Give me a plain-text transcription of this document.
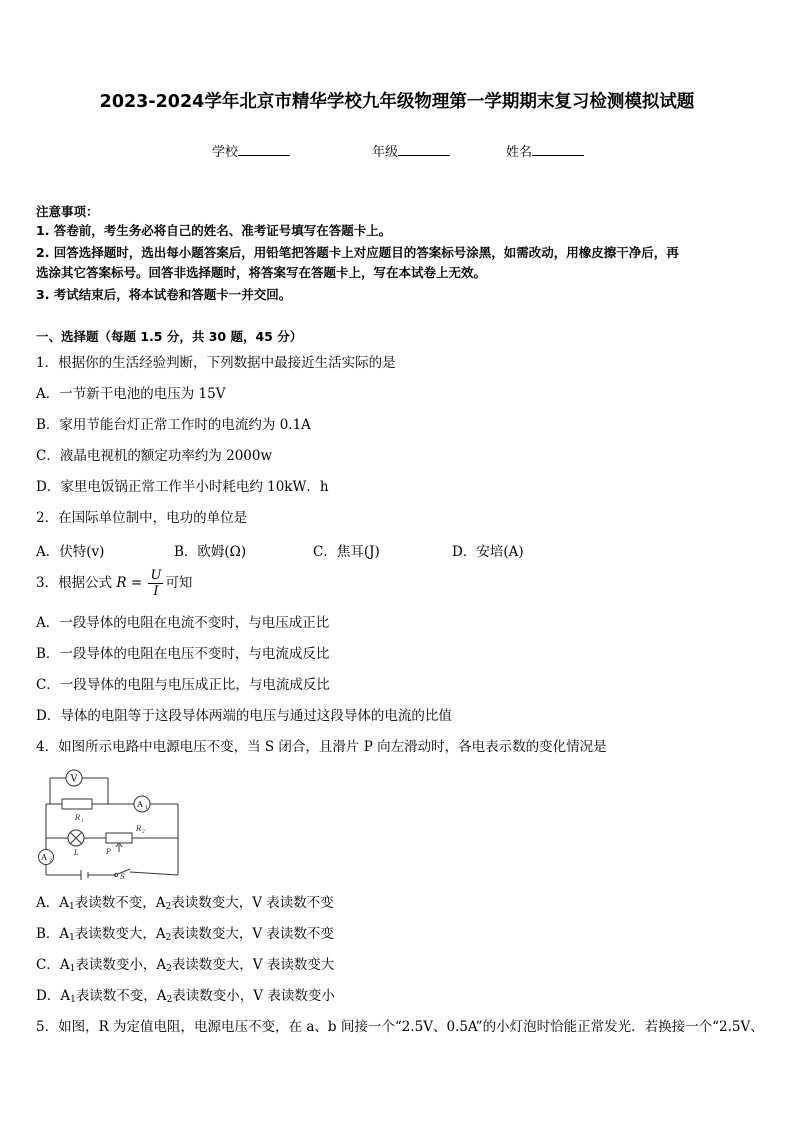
2023-2024学年北京市精华学校九年级物理第一学期期末复习检测模拟试题
学校	年级	姓名
注意事项：
1. 答卷前，考生务必将自己的姓名、准考证号填写在答题卡上。
2. 回答选择题时，选出每小题答案后，用铅笔把答题卡上对应题目的答案标号涂黑，如需改动，用橡皮擦干净后，再
选涂其它答案标号。回答非选择题时，将答案写在答题卡上，写在本试卷上无效。
3. 考试结束后，将本试卷和答题卡一并交回。
一、选择题（每题 1.5 分，共 30 题，45 分）
1．根据你的生活经验判断，下列数据中最接近生活实际的是
A．一节新干电池的电压为 15V
B．家用节能台灯正常工作时的电流约为 0.1A
C．液晶电视机的额定功率约为 2000w
D．家里电饭锅正常工作半小时耗电约 10kW．h
2．在国际单位制中，电功的单位是
A．伏特(v)	B．欧姆(Ω)	C．焦耳(J)	D．安培(A)
3．根据公式 $R = \frac{U}{I}$ 可知
A．一段导体的电阻在电流不变时，与电压成正比
B．一段导体的电阻在电压不变时，与电流成反比
C．一段导体的电阻与电压成正比，与电流成反比
D．导体的电阻等于这段导体两端的电压与通过这段导体的电流的比值
4．如图所示电路中电源电压不变，当 S 闭合，且滑片 P 向左滑动时，各电表示数的变化情况是
V
A 1
A 2
R 1
R 2
L	P
S
A．$A_1$表读数不变，$A_2$表读数变大，V 表读数不变
B．$A_1$表读数变大，$A_2$表读数变大，V 表读数不变
C．$A_1$表读数变小，$A_2$表读数变大，V 表读数变大
D．$A_1$表读数不变，$A_2$表读数变小，V 表读数变小
5．如图，R 为定值电阻，电源电压不变，在 a、b 间接一个“2.5V、0.5A”的小灯泡时恰能正常发光．若换接一个“2.5V、
